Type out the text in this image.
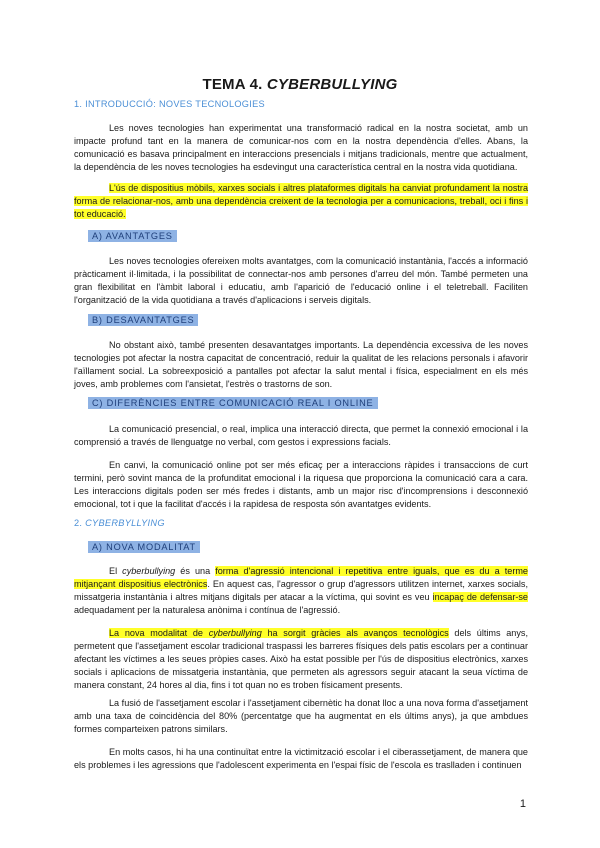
TEMA 4. CYBERBULLYING
1. INTRODUCCIÓ: NOVES TECNOLOGIES

Les noves tecnologies han experimentat una transformació radical en la nostra societat, amb un impacte profund tant en la manera de comunicar-nos com en la nostra dependència d'elles. Abans, la comunicació es basava principalment en interaccions presencials i mitjans tradicionals, mentre que actualment, la dependència de les noves tecnologies ha esdevingut una característica central en la nostra vida quotidiana.

L'ús de dispositius mòbils, xarxes socials i altres plataformes digitals ha canviat profundament la nostra forma de relacionar-nos, amb una dependència creixent de la tecnologia per a comunicacions, treball, oci i fins i tot educació.

A) AVANTATGES

Les noves tecnologies ofereixen molts avantatges, com la comunicació instantània, l'accés a informació pràcticament il·limitada, i la possibilitat de connectar-nos amb persones d'arreu del món. També permeten una gran flexibilitat en l'àmbit laboral i educatiu, amb l'aparició de l'educació online i el teletreball. Faciliten l'organització de la vida quotidiana a través d'aplicacions i serveis digitals.

B) DESAVANTATGES

No obstant això, també presenten desavantatges importants. La dependència excessiva de les noves tecnologies pot afectar la nostra capacitat de concentració, reduir la qualitat de les relacions personals i afavorir l'aïllament social. La sobreexposició a pantalles pot afectar la salut mental i física, especialment en els més joves, amb problemes com l'ansietat, l'estrès o trastorns de son.

C) DIFERÈNCIES ENTRE COMUNICACIÓ REAL I ONLINE

La comunicació presencial, o real, implica una interacció directa, que permet la connexió emocional i la comprensió a través de llenguatge no verbal, com gestos i expressions facials.

En canvi, la comunicació online pot ser més eficaç per a interaccions ràpides i transaccions de curt termini, però sovint manca de la profunditat emocional i la riquesa que proporciona la comunicació cara a cara. Les interaccions digitals poden ser més fredes i distants, amb un major risc d'incomprensions i desconnexió emocional, tot i que la facilitat d'accés i la rapidesa de resposta són avantatges evidents.

2. CYBERBYLLYING
A) NOVA MODALITAT

El cyberbullying és una forma d'agressió intencional i repetitiva entre iguals, que es du a terme mitjançant dispositius electrònics. En aquest cas, l'agressor o grup d'agressors utilitzen internet, xarxes socials, missatgeria instantània i altres mitjans digitals per atacar a la víctima, qui sovint es veu incapaç de defensar-se adequadament per la naturalesa anònima i contínua de l'agressió.

La nova modalitat de cyberbullying ha sorgit gràcies als avanços tecnològics dels últims anys, permetent que l'assetjament escolar tradicional traspassi les barreres físiques dels patis escolars per a continuar afectant les víctimes a les seues pròpies cases. Això ha estat possible per l'ús de dispositius electrònics, xarxes socials i aplicacions de missatgeria instantània, que permeten als agressors seguir atacant la seua víctima de manera constant, 24 hores al dia, fins i tot quan no es troben físicament presents.

La fusió de l'assetjament escolar i l'assetjament cibernètic ha donat lloc a una nova forma d'assetjament amb una taxa de coincidència del 80% (percentatge que ha augmentat en els últims anys), ja que ambdues formes comparteixen patrons similars.

En molts casos, hi ha una continuïtat entre la victimització escolar i el ciberassetjament, de manera que els problemes i les agressions que l'adolescent experimenta en l'espai físic de l'escola es traslladen i continuen

1
